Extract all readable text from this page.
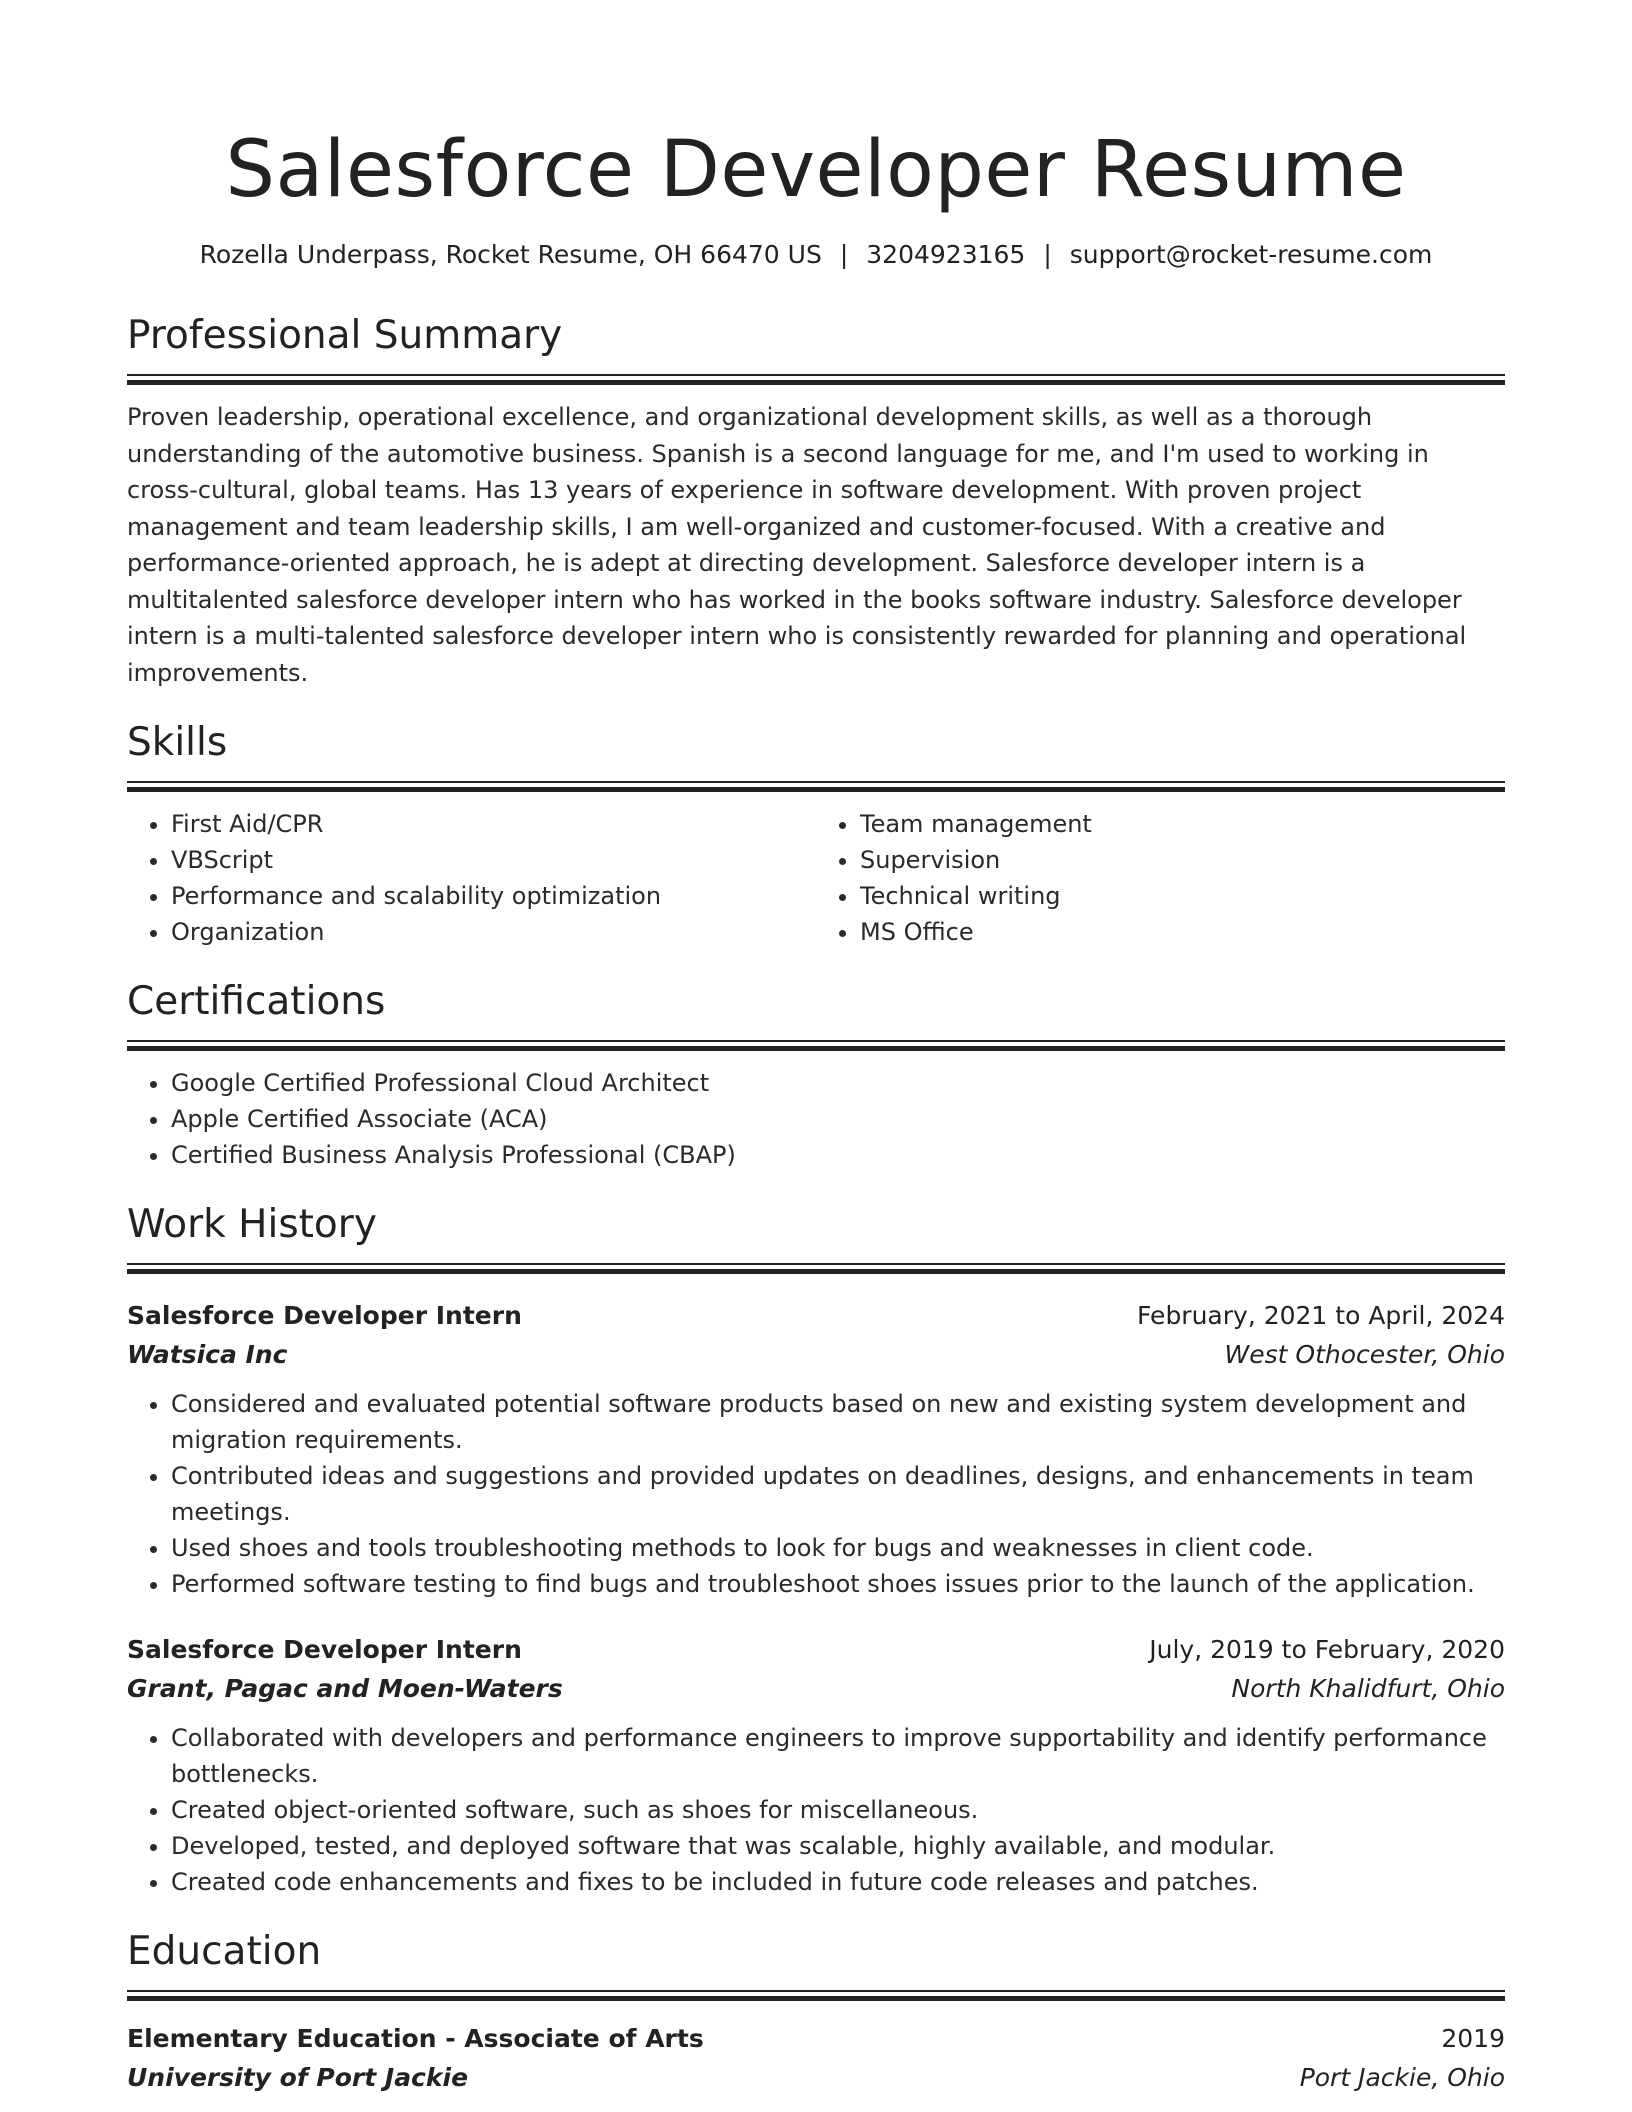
Salesforce Developer Resume
Rozella Underpass, Rocket Resume, OH 66470 US | 3204923165 | support@rocket-resume.com
Professional Summary
Proven leadership, operational excellence, and organizational development skills, as well as a thorough understanding of the automotive business. Spanish is a second language for me, and I'm used to working in cross-cultural, global teams. Has 13 years of experience in software development. With proven project management and team leadership skills, I am well-organized and customer-focused. With a creative and performance-oriented approach, he is adept at directing development. Salesforce developer intern is a multitalented salesforce developer intern who has worked in the books software industry. Salesforce developer intern is a multi-talented salesforce developer intern who is consistently rewarded for planning and operational improvements.
Skills
• First Aid/CPR
• VBScript
• Performance and scalability optimization
• Organization
• Team management
• Supervision
• Technical writing
• MS Office
Certifications
• Google Certified Professional Cloud Architect
• Apple Certified Associate (ACA)
• Certified Business Analysis Professional (CBAP)
Work History
Salesforce Developer Intern	February, 2021 to April, 2024
Watsica Inc	West Othocester, Ohio
• Considered and evaluated potential software products based on new and existing system development and migration requirements.
• Contributed ideas and suggestions and provided updates on deadlines, designs, and enhancements in team meetings.
• Used shoes and tools troubleshooting methods to look for bugs and weaknesses in client code.
• Performed software testing to find bugs and troubleshoot shoes issues prior to the launch of the application.
Salesforce Developer Intern	July, 2019 to February, 2020
Grant, Pagac and Moen-Waters	North Khalidfurt, Ohio
• Collaborated with developers and performance engineers to improve supportability and identify performance bottlenecks.
• Created object-oriented software, such as shoes for miscellaneous.
• Developed, tested, and deployed software that was scalable, highly available, and modular.
• Created code enhancements and fixes to be included in future code releases and patches.
Education
Elementary Education - Associate of Arts	2019
University of Port Jackie	Port Jackie, Ohio
